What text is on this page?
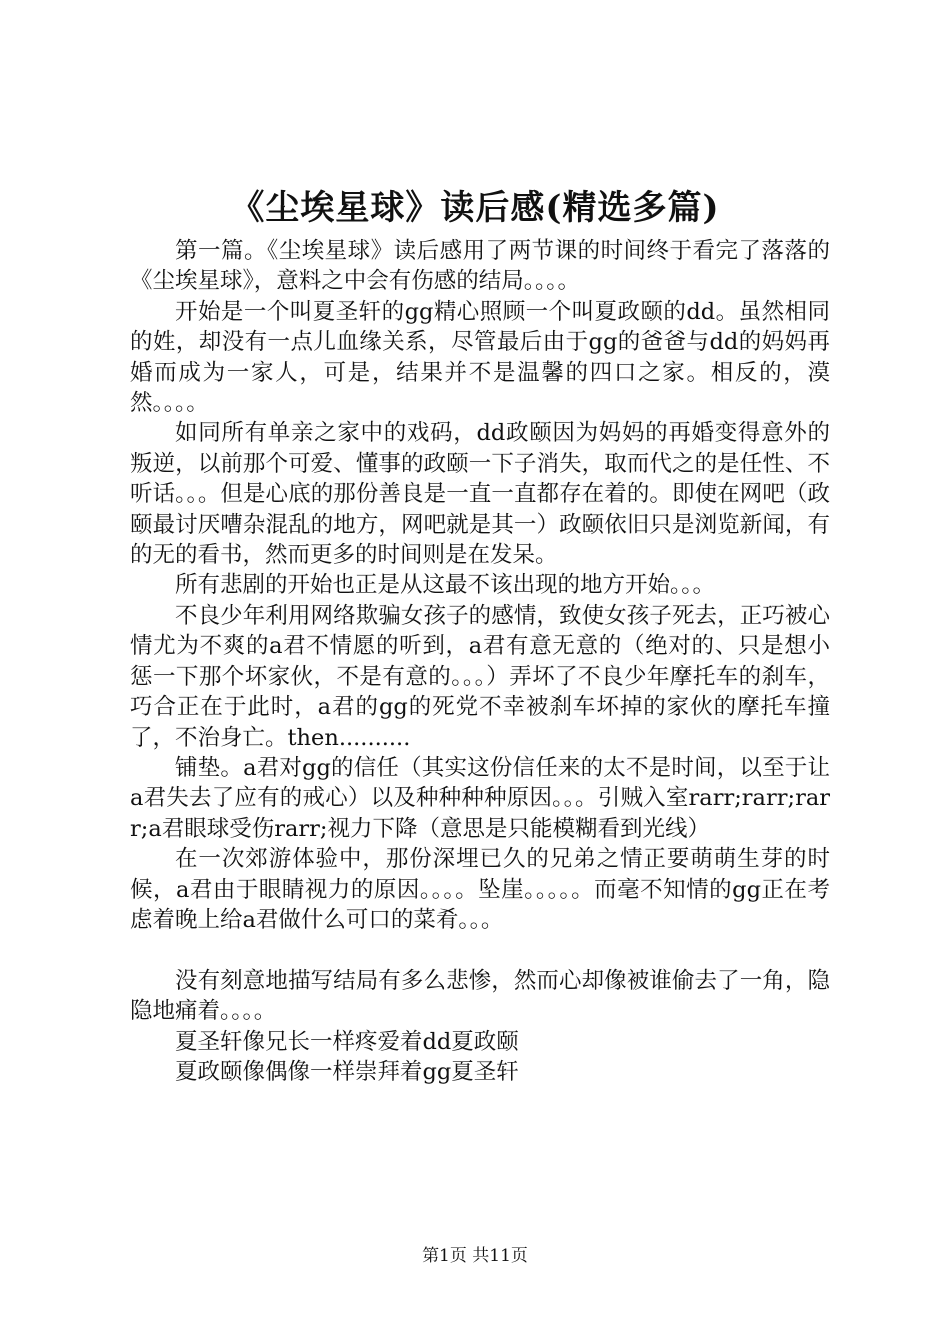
《尘埃星球》读后感(精选多篇)

第一篇。《尘埃星球》读后感用了两节课的时间终于看完了落落的《尘埃星球》，意料之中会有伤感的结局。。。。

开始是一个叫夏圣轩的gg精心照顾一个叫夏政颐的dd。虽然相同的姓，却没有一点儿血缘关系，尽管最后由于gg的爸爸与dd的妈妈再婚而成为一家人，可是，结果并不是温馨的四口之家。相反的，漠然。。。。

如同所有单亲之家中的戏码，dd政颐因为妈妈的再婚变得意外的叛逆，以前那个可爱、懂事的政颐一下子消失，取而代之的是任性、不听话。。。但是心底的那份善良是一直一直都存在着的。即使在网吧（政颐最讨厌嘈杂混乱的地方，网吧就是其一）政颐依旧只是浏览新闻，有的无的看书，然而更多的时间则是在发呆。

所有悲剧的开始也正是从这最不该出现的地方开始。。。

不良少年利用网络欺骗女孩子的感情，致使女孩子死去，正巧被心情尤为不爽的a君不情愿的听到，a君有意无意的（绝对的、只是想小惩一下那个坏家伙，不是有意的。。。）弄坏了不良少年摩托车的刹车，巧合正在于此时，a君的gg的死党不幸被刹车坏掉的家伙的摩托车撞了，不治身亡。then..........

铺垫。a君对gg的信任（其实这份信任来的太不是时间，以至于让a君失去了应有的戒心）以及种种种种原因。。。引贼入室rarr;rarr;rarr;a君眼球受伤rarr;视力下降（意思是只能模糊看到光线）

在一次郊游体验中，那份深埋已久的兄弟之情正要萌萌生芽的时候，a君由于眼睛视力的原因。。。。坠崖。。。。。而毫不知情的gg正在考虑着晚上给a君做什么可口的菜肴。。。

没有刻意地描写结局有多么悲惨，然而心却像被谁偷去了一角，隐隐地痛着。。。。

夏圣轩像兄长一样疼爱着dd夏政颐

夏政颐像偶像一样崇拜着gg夏圣轩

第1页 共11页
